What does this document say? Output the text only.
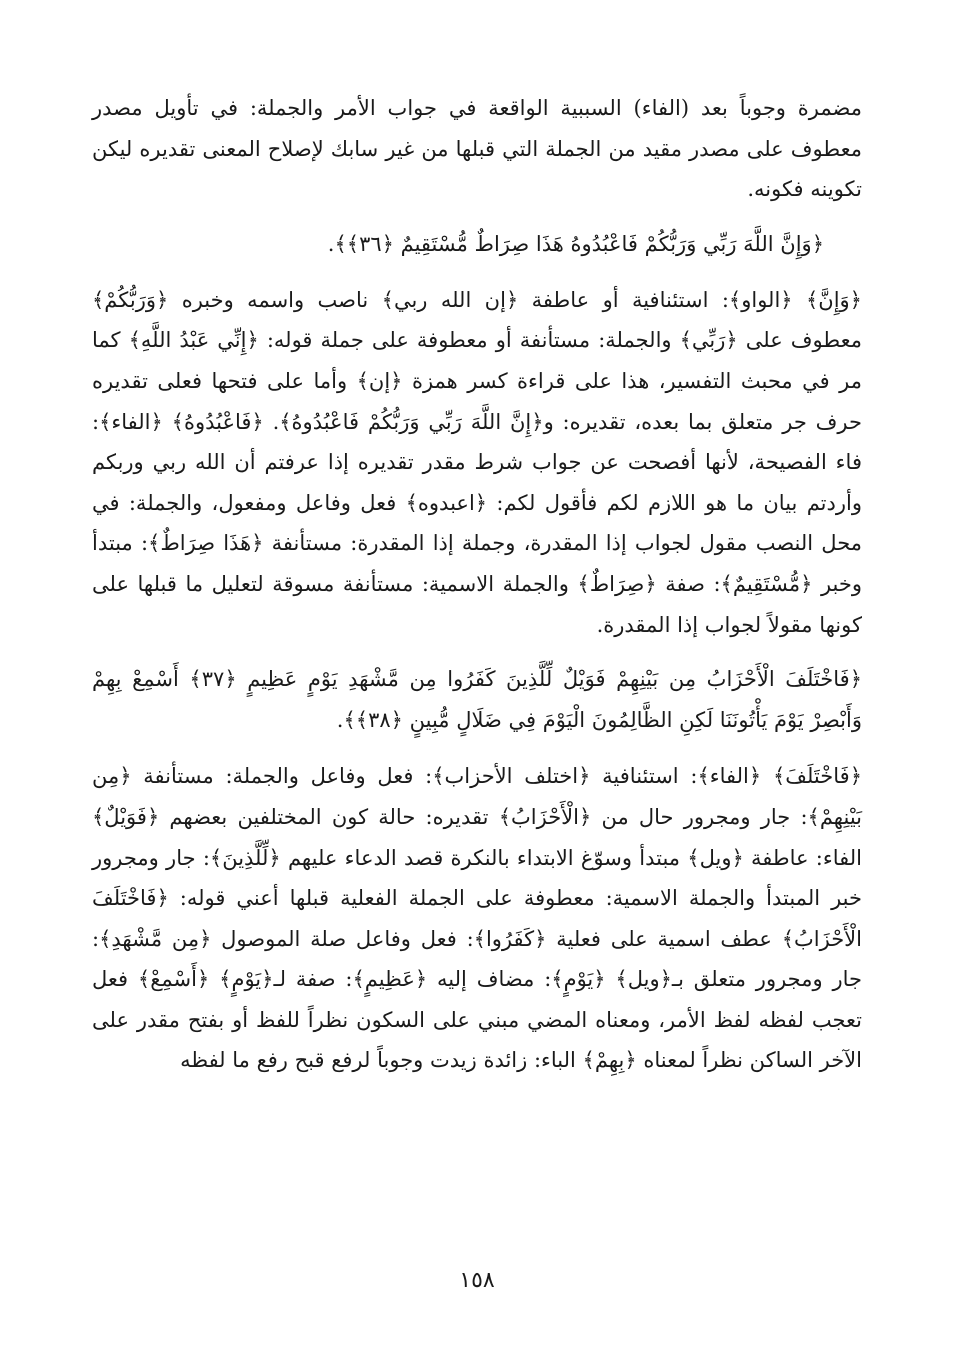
مضمرة وجوباً بعد (الفاء) السببية الواقعة في جواب الأمر والجملة: في تأويل مصدر معطوف على مصدر مقيد من الجملة التي قبلها من غير سابك لإصلاح المعنى تقديره ليكن تكوينه فكونه.

﴿وَإِنَّ اللَّهَ رَبِّي وَرَبُّكُمْ فَاعْبُدُوهُ هَذَا صِرَاطٌ مُّسْتَقِيمٌ ﴿٣٦﴾﴾.

﴿وَإِنَّ﴾ ﴿الواو﴾: استئنافية أو عاطفة ﴿إن الله ربي﴾ ناصب واسمه وخبره ﴿وَرَبُّكُمْ﴾ معطوف على ﴿رَبِّي﴾ والجملة: مستأنفة أو معطوفة على جملة قوله: ﴿إِنِّي عَبْدُ اللَّهِ﴾ كما مر في محبث التفسير، هذا على قراءة كسر همزة ﴿إن﴾ وأما على فتحها فعلى تقديره حرف جر متعلق بما بعده، تقديره: و﴿إِنَّ اللَّهَ رَبِّي وَرَبُّكُمْ فَاعْبُدُوهُ﴾. ﴿فَاعْبُدُوهُ﴾ ﴿الفاء﴾: فاء الفصيحة، لأنها أفصحت عن جواب شرط مقدر تقديره إذا عرفتم أن الله ربي وربكم وأردتم بيان ما هو اللازم لكم فأقول لكم: ﴿اعبدوه﴾ فعل وفاعل ومفعول، والجملة: في محل النصب مقول لجواب إذا المقدرة، وجملة إذا المقدرة: مستأنفة ﴿هَذَا صِرَاطٌ﴾: مبتدأ وخبر ﴿مُّسْتَقِيمٌ﴾: صفة ﴿صِرَاطٌ﴾ والجملة الاسمية: مستأنفة مسوقة لتعليل ما قبلها على كونها مقولاً لجواب إذا المقدرة.

﴿فَاخْتَلَفَ الْأَحْزَابُ مِن بَيْنِهِمْ فَوَيْلٌ لِّلَّذِينَ كَفَرُوا مِن مَّشْهَدِ يَوْمٍ عَظِيمٍ ﴿٣٧﴾ أَسْمِعْ بِهِمْ وَأَبْصِرْ يَوْمَ يَأْتُونَنَا لَكِنِ الظَّالِمُونَ الْيَوْمَ فِي ضَلَالٍ مُّبِينٍ ﴿٣٨﴾﴾.

﴿فَاخْتَلَفَ﴾ ﴿الفاء﴾: استئنافية ﴿اختلف الأحزاب﴾: فعل وفاعل والجملة: مستأنفة ﴿مِن بَيْنِهِمْ﴾: جار ومجرور حال من ﴿الْأَحْزَابُ﴾ تقديره: حالة كون المختلفين بعضهم ﴿فَوَيْلٌ﴾ الفاء: عاطفة ﴿ويل﴾ مبتدأ وسوّغ الابتداء بالنكرة قصد الدعاء عليهم ﴿لِّلَّذِينَ﴾: جار ومجرور خبر المبتدأ والجملة الاسمية: معطوفة على الجملة الفعلية قبلها أعني قوله: ﴿فَاخْتَلَفَ الْأَحْزَابُ﴾ عطف اسمية على فعلية ﴿كَفَرُوا﴾: فعل وفاعل صلة الموصول ﴿مِن مَّشْهَدِ﴾: جار ومجرور متعلق بـ﴿ويل﴾ ﴿يَوْمٍ﴾: مضاف إليه ﴿عَظِيمٍ﴾: صفة لـ﴿يَوْمٍ﴾ ﴿أَسْمِعْ﴾ فعل تعجب لفظه لفظ الأمر، ومعناه المضي مبني على السكون نظراً للفظ أو بفتح مقدر على الآخر الساكن نظراً لمعناه ﴿بِهِمْ﴾ الباء: زائدة زيدت وجوباً لرفع قبح رفع ما لفظه

١٥٨
